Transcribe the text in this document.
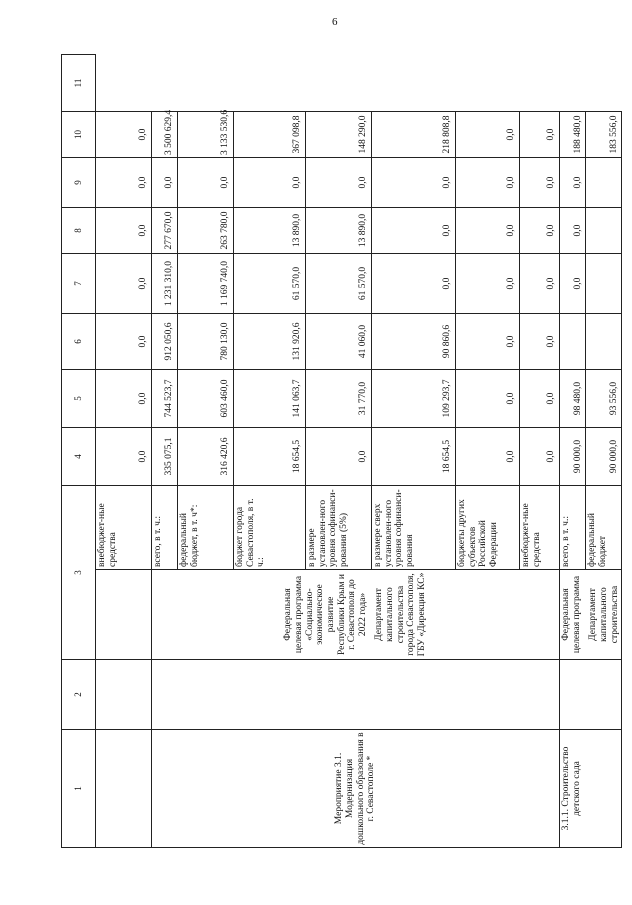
6
1	2	3		4	5	6	7	8	9	10	11
			внебюджет-ные средства	0,0	0,0	0,0	0,0	0,0	0,0	0,0	
Мероприятие 3.1. Модернизация дошкольного образования в г. Севастополе *		Федеральная целевая программа «Социально-экономическое развитие Республики Крым и г. Севастополя до 2022 года» Департамент капитального строительства города Севастополя, ГБУ «Дирекция КС»	всего, в т. ч.:	335 075,1	744 523,7	912 050,6	1 231 310,0	277 670,0	0,0	3 500 629,4	
			федеральный бюджет, в т. ч*:	316 420,6	603 460,0	780 130,0	1 169 740,0	263 780,0	0,0	3 133 530,6	
			бюджет города Севастополя, в т. ч.:	18 654,5	141 063,7	131 920,6	61 570,0	13 890,0	0,0	367 098,8	
			в размере установлен-ного уровня софинанси-рования (5%)	0,0	31 770,0	41 060,0	61 570,0	13 890,0	0,0	148 290,0	
			в размере сверх установлен-ного уровня софинанси-рования	18 654,5	109 293,7	90 860,6	0,0	0,0	0,0	218 808,8	
			бюджеты других субъектов Российской Федерации	0,0	0,0	0,0	0,0	0,0	0,0	0,0	
			внебюджет-ные средства	0,0	0,0	0,0	0,0	0,0	0,0	0,0	
3.1.1. Строительство детского сада		Федеральная целевая программа Департамент капитального строительства	всего, в т. ч.:	90 000,0	98 480,0		0,0	0,0	0,0	188 480,0	
			федеральный бюджет	90 000,0	93 556,0					183 556,0	
